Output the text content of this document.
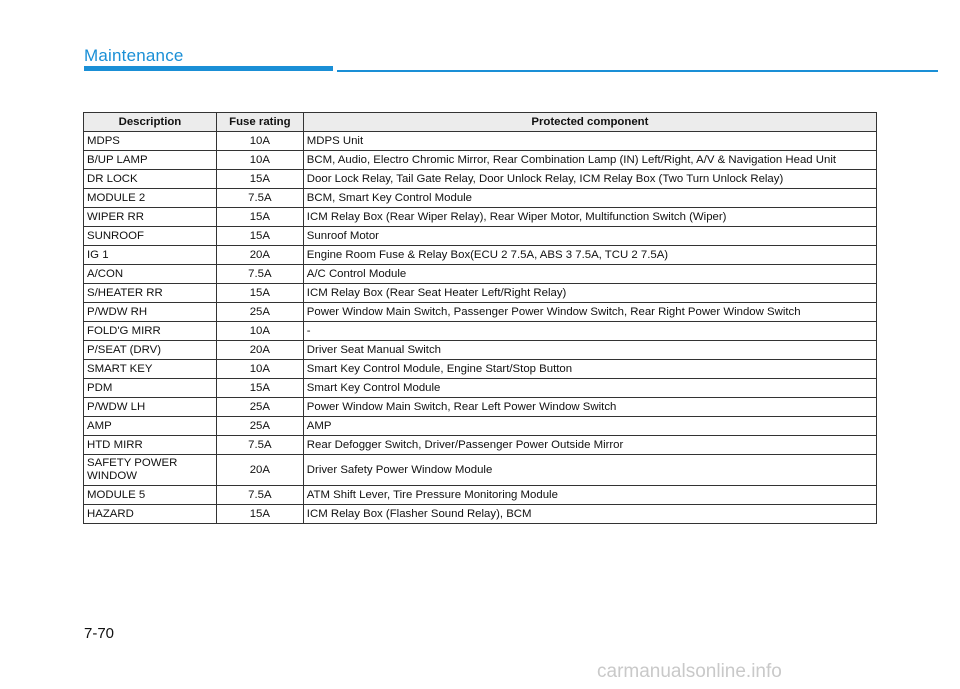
Maintenance
Description	Fuse rating	Protected component
MDPS	10A	MDPS Unit
B/UP LAMP	10A	BCM, Audio, Electro Chromic Mirror, Rear Combination Lamp (IN) Left/Right, A/V & Navigation Head Unit
DR LOCK	15A	Door Lock Relay, Tail Gate Relay, Door Unlock Relay, ICM Relay Box (Two Turn Unlock Relay)
MODULE 2	7.5A	BCM, Smart Key Control Module
WIPER RR	15A	ICM Relay Box (Rear Wiper Relay), Rear Wiper Motor, Multifunction Switch (Wiper)
SUNROOF	15A	Sunroof Motor
IG 1	20A	Engine Room Fuse & Relay Box(ECU 2 7.5A, ABS 3 7.5A, TCU 2 7.5A)
A/CON	7.5A	A/C Control Module
S/HEATER RR	15A	ICM Relay Box (Rear Seat Heater Left/Right Relay)
P/WDW RH	25A	Power Window Main Switch, Passenger Power Window Switch, Rear Right Power Window Switch
FOLD'G MIRR	10A	-
P/SEAT (DRV)	20A	Driver Seat Manual Switch
SMART KEY	10A	Smart Key Control Module, Engine Start/Stop Button
PDM	15A	Smart Key Control Module
P/WDW LH	25A	Power Window Main Switch, Rear Left Power Window Switch
AMP	25A	AMP
HTD MIRR	7.5A	Rear Defogger Switch, Driver/Passenger Power Outside Mirror
SAFETY POWER WINDOW	20A	Driver Safety Power Window Module
MODULE 5	7.5A	ATM Shift Lever, Tire Pressure Monitoring Module
HAZARD	15A	ICM Relay Box (Flasher Sound Relay), BCM
7-70
carmanualsonline.info
